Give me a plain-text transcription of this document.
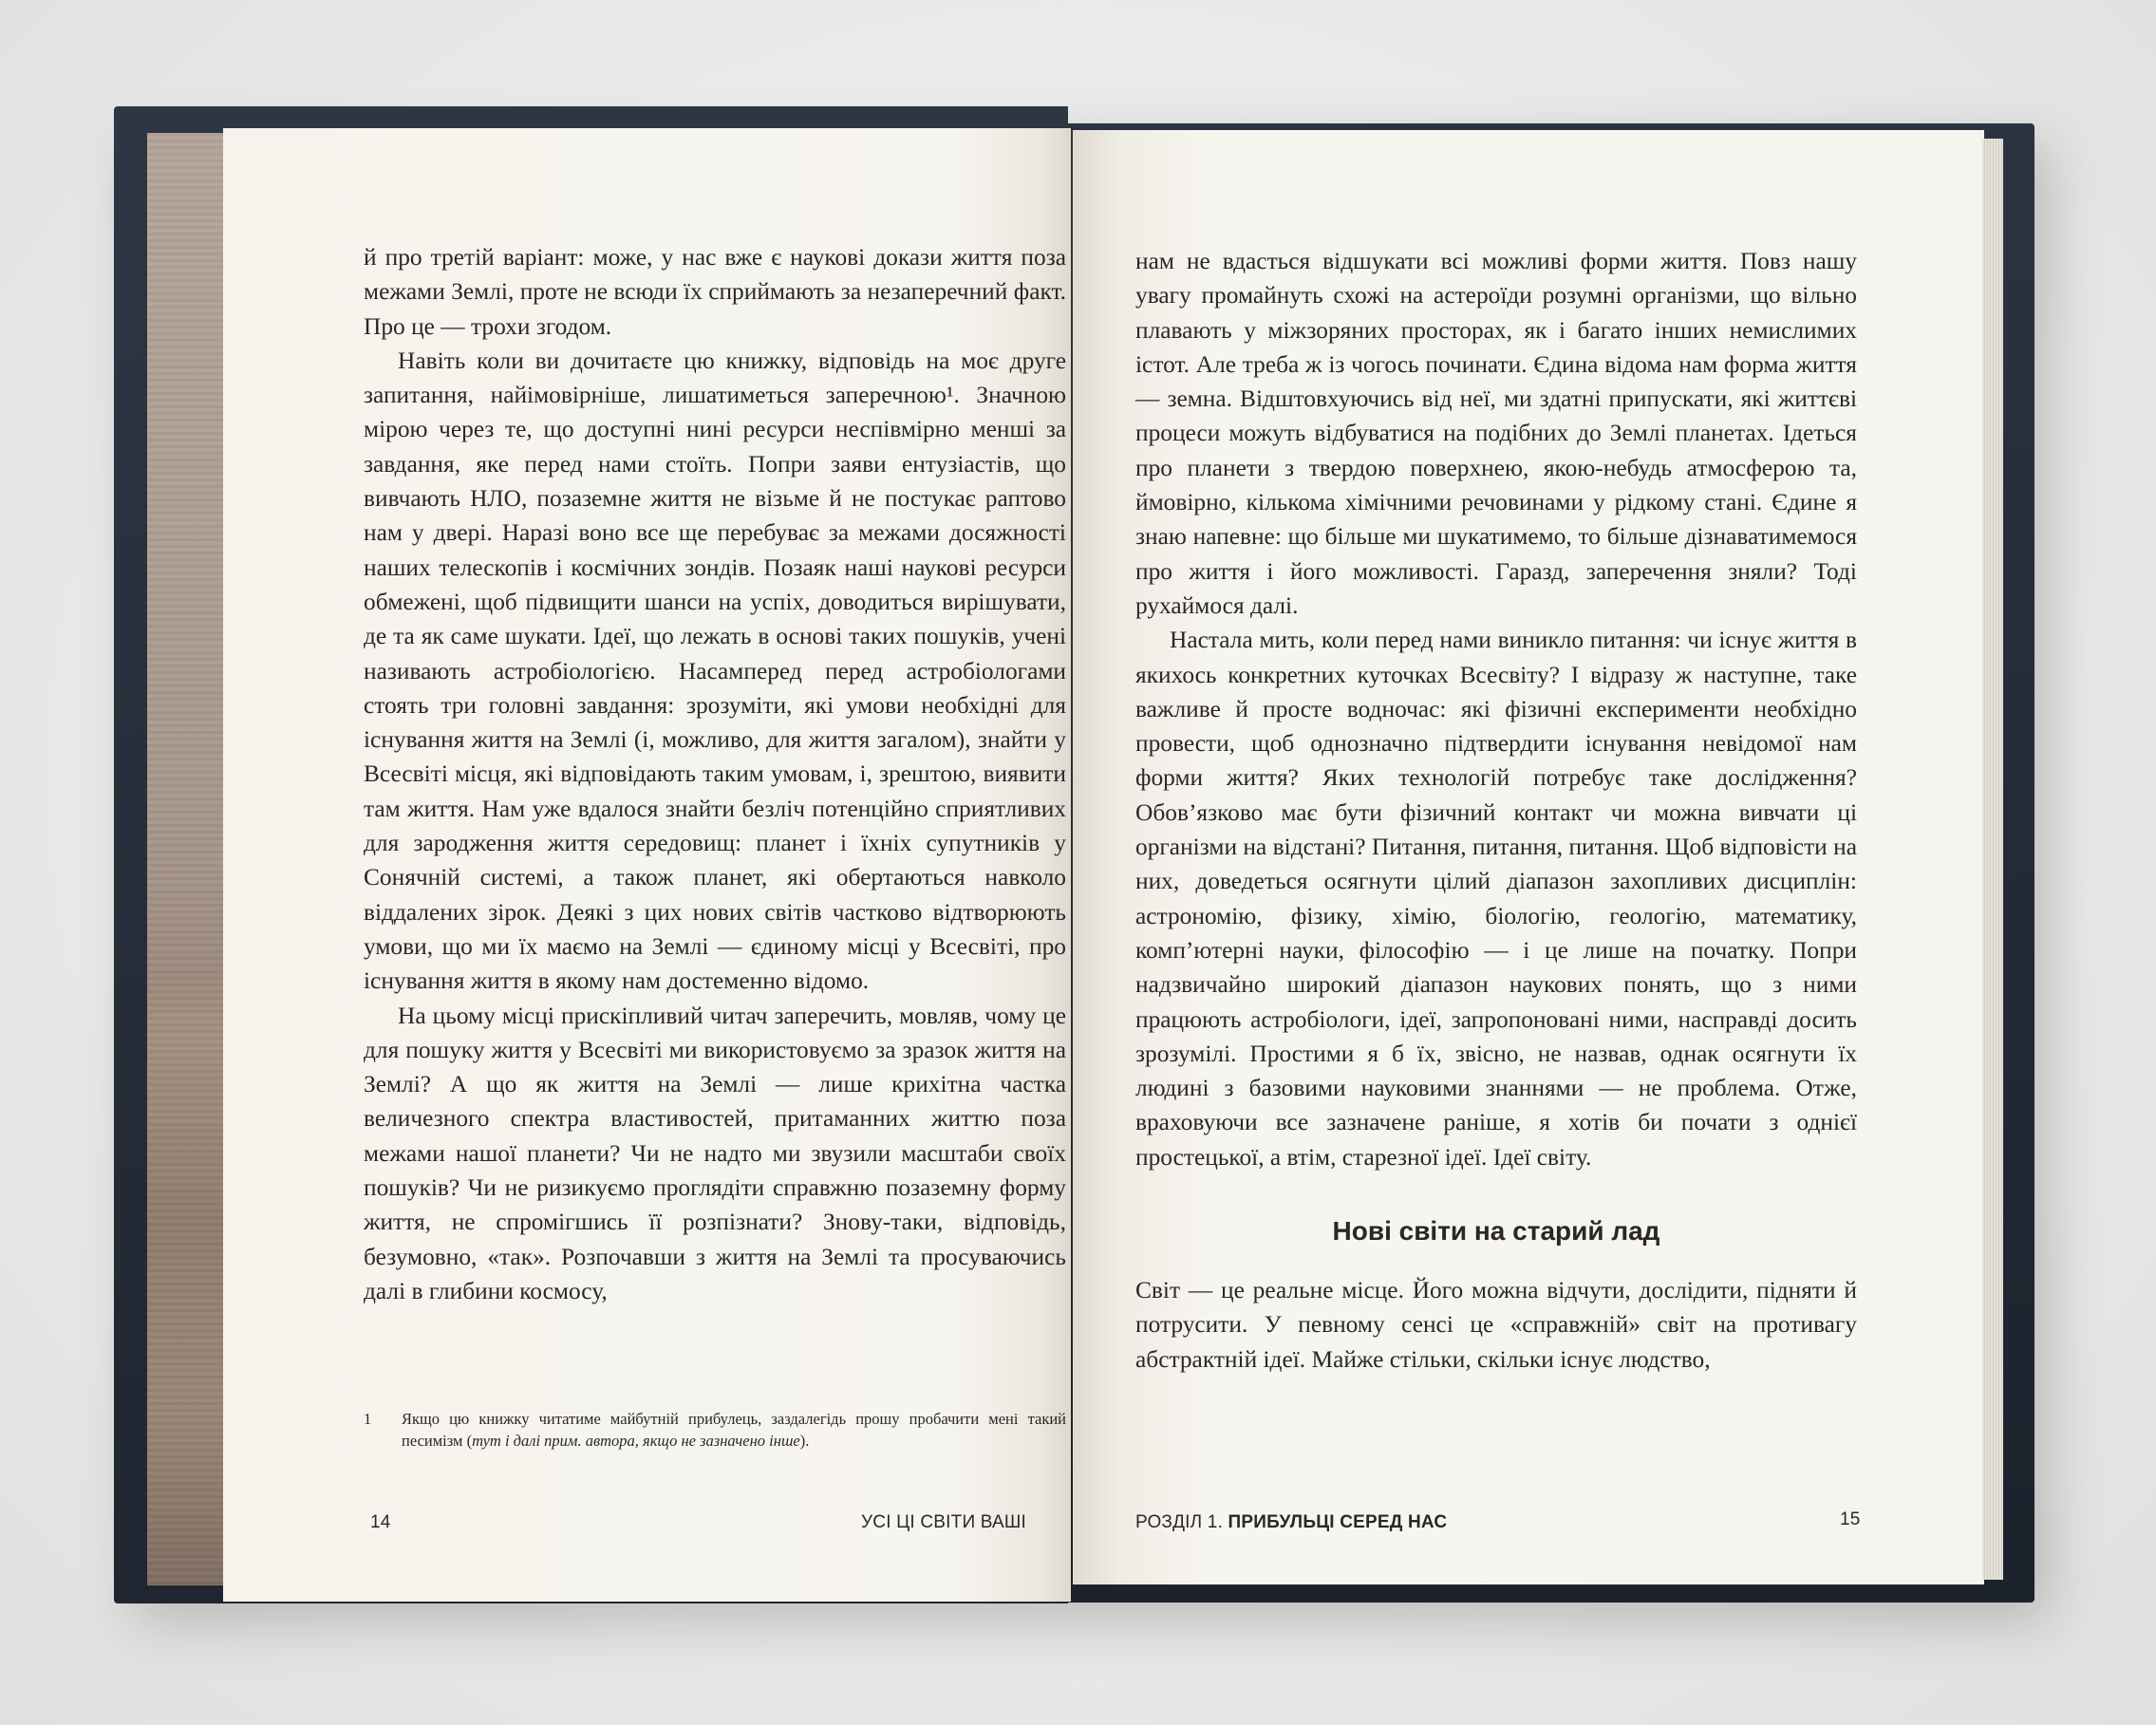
й про третій варіант: може, у нас вже є наукові докази життя поза межами Землі, проте не всюди їх сприймають за незаперечний факт. Про це — трохи згодом.

Навіть коли ви дочитаєте цю книжку, відповідь на моє друге запитання, найімовірніше, лишатиметься заперечною¹. Значною мірою через те, що доступні нині ресурси неспівмірно менші за завдання, яке перед нами стоїть. Попри заяви ентузіастів, що вивчають НЛО, позаземне життя не візьме й не постукає раптово нам у двері. Наразі воно все ще перебуває за межами досяжності наших телескопів і космічних зондів. Позаяк наші наукові ресурси обмежені, щоб підвищити шанси на успіх, доводиться вирішувати, де та як саме шукати. Ідеї, що лежать в основі таких пошуків, учені називають астробіологією. Насамперед перед астробіологами стоять три головні завдання: зрозуміти, які умови необхідні для існування життя на Землі (і, можливо, для життя загалом), знайти у Всесвіті місця, які відповідають таким умовам, і, зрештою, виявити там життя. Нам уже вдалося знайти безліч потенційно сприятливих для зародження життя середовищ: планет і їхніх супутників у Сонячній системі, а також планет, які обертаються навколо віддалених зірок. Деякі з цих нових світів частково відтворюють умови, що ми їх маємо на Землі — єдиному місці у Всесвіті, про існування життя в якому нам достеменно відомо.

На цьому місці прискіпливий читач заперечить, мовляв, чому це для пошуку життя у Всесвіті ми використовуємо за зразок життя на Землі? А що як життя на Землі — лише крихітна частка величезного спектра властивостей, притаманних життю поза межами нашої планети? Чи не надто ми звузили масштаби своїх пошуків? Чи не ризикуємо проглядіти справжню позаземну форму життя, не спромігшись її розпізнати? Знову-таки, відповідь, безумовно, «так». Розпочавши з життя на Землі та просуваючись далі в глибини космосу,

1 Якщо цю книжку читатиме майбутній прибулець, заздалегідь прошу пробачити мені такий песимізм (тут і далі прим. автора, якщо не зазначено інше).
14	УСІ ЦІ СВІТИ ВАШІ

нам не вдасться відшукати всі можливі форми життя. Повз нашу увагу промайнуть схожі на астероїди розумні організми, що вільно плавають у міжзоряних просторах, як і багато інших немислимих істот. Але треба ж із чогось починати. Єдина відома нам форма життя — земна. Відштовхуючись від неї, ми здатні припускати, які життєві процеси можуть відбуватися на подібних до Землі планетах. Ідеться про планети з твердою поверхнею, якою-небудь атмосферою та, ймовірно, кількома хімічними речовинами у рідкому стані. Єдине я знаю напевне: що більше ми шукатимемо, то більше дізнаватимемося про життя і його можливості. Гаразд, заперечення зняли? Тоді рухаймося далі.

Настала мить, коли перед нами виникло питання: чи існує життя в якихось конкретних куточках Всесвіту? І відразу ж наступне, таке важливе й просте водночас: які фізичні експерименти необхідно провести, щоб однозначно підтвердити існування невідомої нам форми життя? Яких технологій потребує таке дослідження? Обов’язково має бути фізичний контакт чи можна вивчати ці організми на відстані? Питання, питання, питання. Щоб відповісти на них, доведеться осягнути цілий діапазон захопливих дисциплін: астрономію, фізику, хімію, біологію, геологію, математику, комп’ютерні науки, філософію — і це лише на початку. Попри надзвичайно широкий діапазон наукових понять, що з ними працюють астробіологи, ідеї, запропоновані ними, насправді досить зрозумілі. Простими я б їх, звісно, не назвав, однак осягнути їх людині з базовими науковими знаннями — не проблема. Отже, враховуючи все зазначене раніше, я хотів би почати з однієї простецької, а втім, старезної ідеї. Ідеї світу.

Нові світи на старий лад

Світ — це реальне місце. Його можна відчути, дослідити, підняти й потрусити. У певному сенсі це «справжній» світ на противагу абстрактній ідеї. Майже стільки, скільки існує людство,

РОЗДІЛ 1. ПРИБУЛЬЦІ СЕРЕД НАС	15
